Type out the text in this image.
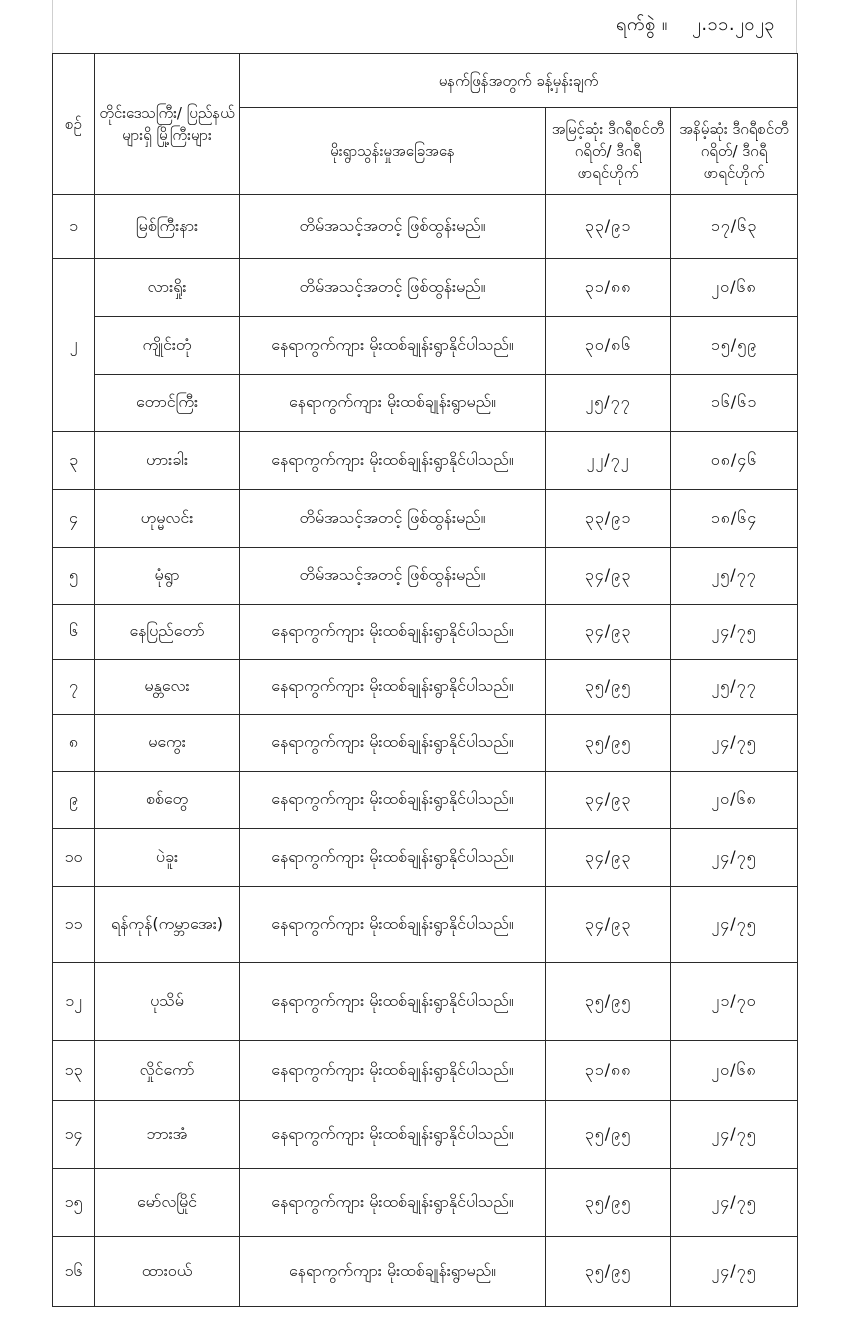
ရက်စွဲ ။ ၂.၁၁.၂၀၂၃
စဉ်	တိုင်းဒေသကြီး/ ပြည်နယ်များရှိ မြို့ကြီးများ	မနက်ဖြန်အတွက် ခန့်မှန်းချက်		
		မိုးရွာသွန်းမှုအခြေအနေ	အမြင့်ဆုံး ဒီဂရီစင်တီဂရိတ်/ ဒီဂရီဖာရင်ဟိုက်	အနိမ့်ဆုံး ဒီဂရီစင်တီဂရိတ်/ ဒီဂရီဖာရင်ဟိုက်
၁	မြစ်ကြီးနား	တိမ်အသင့်အတင့် ဖြစ်ထွန်းမည်။	၃၃/၉၁	၁၇/၆၃
၂	လားရှိုး	တိမ်အသင့်အတင့် ဖြစ်ထွန်းမည်။	၃၁/၈၈	၂၀/၆၈
	ကျိုင်းတုံ	နေရာကွက်ကျား မိုးထစ်ချုန်းရွာနိုင်ပါသည်။	၃၀/၈၆	၁၅/၅၉
	တောင်ကြီး	နေရာကွက်ကျား မိုးထစ်ချုန်းရွာမည်။	၂၅/၇၇	၁၆/၆၁
၃	ဟားခါး	နေရာကွက်ကျား မိုးထစ်ချုန်းရွာနိုင်ပါသည်။	၂၂/၇၂	၀၈/၄၆
၄	ဟုမ္မလင်း	တိမ်အသင့်အတင့် ဖြစ်ထွန်းမည်။	၃၃/၉၁	၁၈/၆၄
၅	မုံရွာ	တိမ်အသင့်အတင့် ဖြစ်ထွန်းမည်။	၃၄/၉၃	၂၅/၇၇
၆	နေပြည်တော်	နေရာကွက်ကျား မိုးထစ်ချုန်းရွာနိုင်ပါသည်။	၃၄/၉၃	၂၄/၇၅
၇	မန္တလေး	နေရာကွက်ကျား မိုးထစ်ချုန်းရွာနိုင်ပါသည်။	၃၅/၉၅	၂၅/၇၇
၈	မကွေး	နေရာကွက်ကျား မိုးထစ်ချုန်းရွာနိုင်ပါသည်။	၃၅/၉၅	၂၄/၇၅
၉	စစ်တွေ	နေရာကွက်ကျား မိုးထစ်ချုန်းရွာနိုင်ပါသည်။	၃၄/၉၃	၂၀/၆၈
၁၀	ပဲခူး	နေရာကွက်ကျား မိုးထစ်ချုန်းရွာနိုင်ပါသည်။	၃၄/၉၃	၂၄/၇၅
၁၁	ရန်ကုန်(ကမ္ဘာအေး)	နေရာကွက်ကျား မိုးထစ်ချုန်းရွာနိုင်ပါသည်။	၃၄/၉၃	၂၄/၇၅
၁၂	ပုသိမ်	နေရာကွက်ကျား မိုးထစ်ချုန်းရွာနိုင်ပါသည်။	၃၅/၉၅	၂၁/၇၀
၁၃	လှိုင်ကော်	နေရာကွက်ကျား မိုးထစ်ချုန်းရွာနိုင်ပါသည်။	၃၁/၈၈	၂၀/၆၈
၁၄	ဘားအံ	နေရာကွက်ကျား မိုးထစ်ချုန်းရွာနိုင်ပါသည်။	၃၅/၉၅	၂၄/၇၅
၁၅	မော်လမြိုင်	နေရာကွက်ကျား မိုးထစ်ချုန်းရွာနိုင်ပါသည်။	၃၅/၉၅	၂၄/၇၅
၁၆	ထားဝယ်	နေရာကွက်ကျား မိုးထစ်ချုန်းရွာမည်။	၃၅/၉၅	၂၄/၇၅
